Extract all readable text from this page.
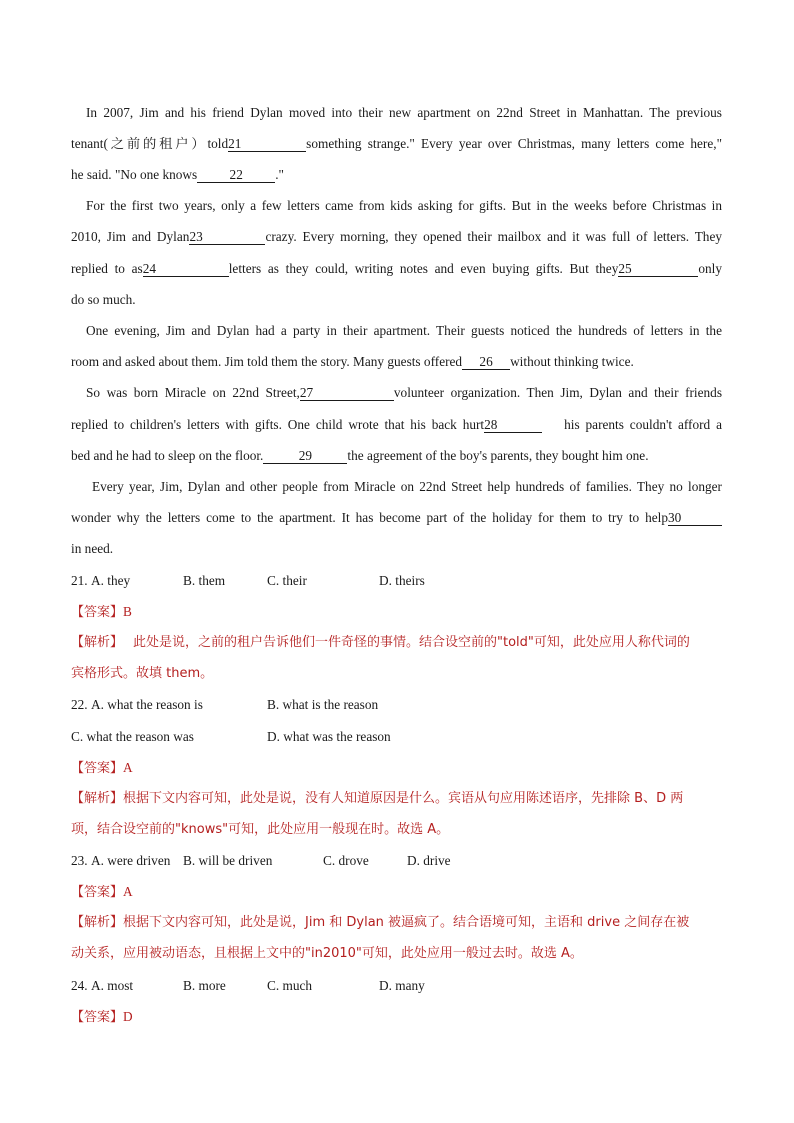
In 2007, Jim and his friend Dylan moved into their new apartment on 22nd Street in Manhattan. The previous
tenant(之前的租户）told21	something strange." Every year over Christmas, many letters come here,"
he said. "No one knows 22 ."
For the first two years, only a few letters came from kids asking for gifts. But in the weeks before Christmas in
2010, Jim and Dylan23	crazy. Every morning, they opened their mailbox and it was full of letters. They
replied to as24	letters as they could, writing notes and even buying gifts. But they25	only
do so much.
One evening, Jim and Dylan had a party in their apartment. Their guests noticed the hundreds of letters in the
room and asked about them. Jim told them the story. Many guests offered 26 without thinking twice.
So was born Miracle on 22nd Street,27	volunteer organization. Then Jim, Dylan and their friends
replied to children's letters with gifts. One child wrote that his back hurt28	his parents couldn't afford a
bed and he had to sleep on the floor.	29	the agreement of the boy's parents, they bought him one.
Every year, Jim, Dylan and other people from Miracle on 22nd Street help hundreds of families. They no longer
wonder why the letters come to the apartment. It has become part of the holiday for them to try to help30
in need.
21. A. they	B. them	C. their	D. theirs
【答案】B
【解析】 此处是说，之前的租户告诉他们一件奇怪的事情。结合设空前的"told"可知，此处应用人称代词的
宾格形式。故填 them。
22. A. what the reason is	B. what is the reason
C. what the reason was	D. what was the reason
【答案】A
【解析】根据下文内容可知，此处是说，没有人知道原因是什么。宾语从句应用陈述语序，先排除 B、D 两
项，结合设空前的"knows"可知，此处应用一般现在时。故选 A。
23. A. were driven B. will be driven	C. drove	D. drive
【答案】A
【解析】根据下文内容可知，此处是说，Jim 和 Dylan 被逼疯了。结合语境可知，主语和 drive 之间存在被
动关系，应用被动语态，且根据上文中的"in2010"可知，此处应用一般过去时。故选 A。
24. A. most	B. more	C. much	D. many
【答案】D
